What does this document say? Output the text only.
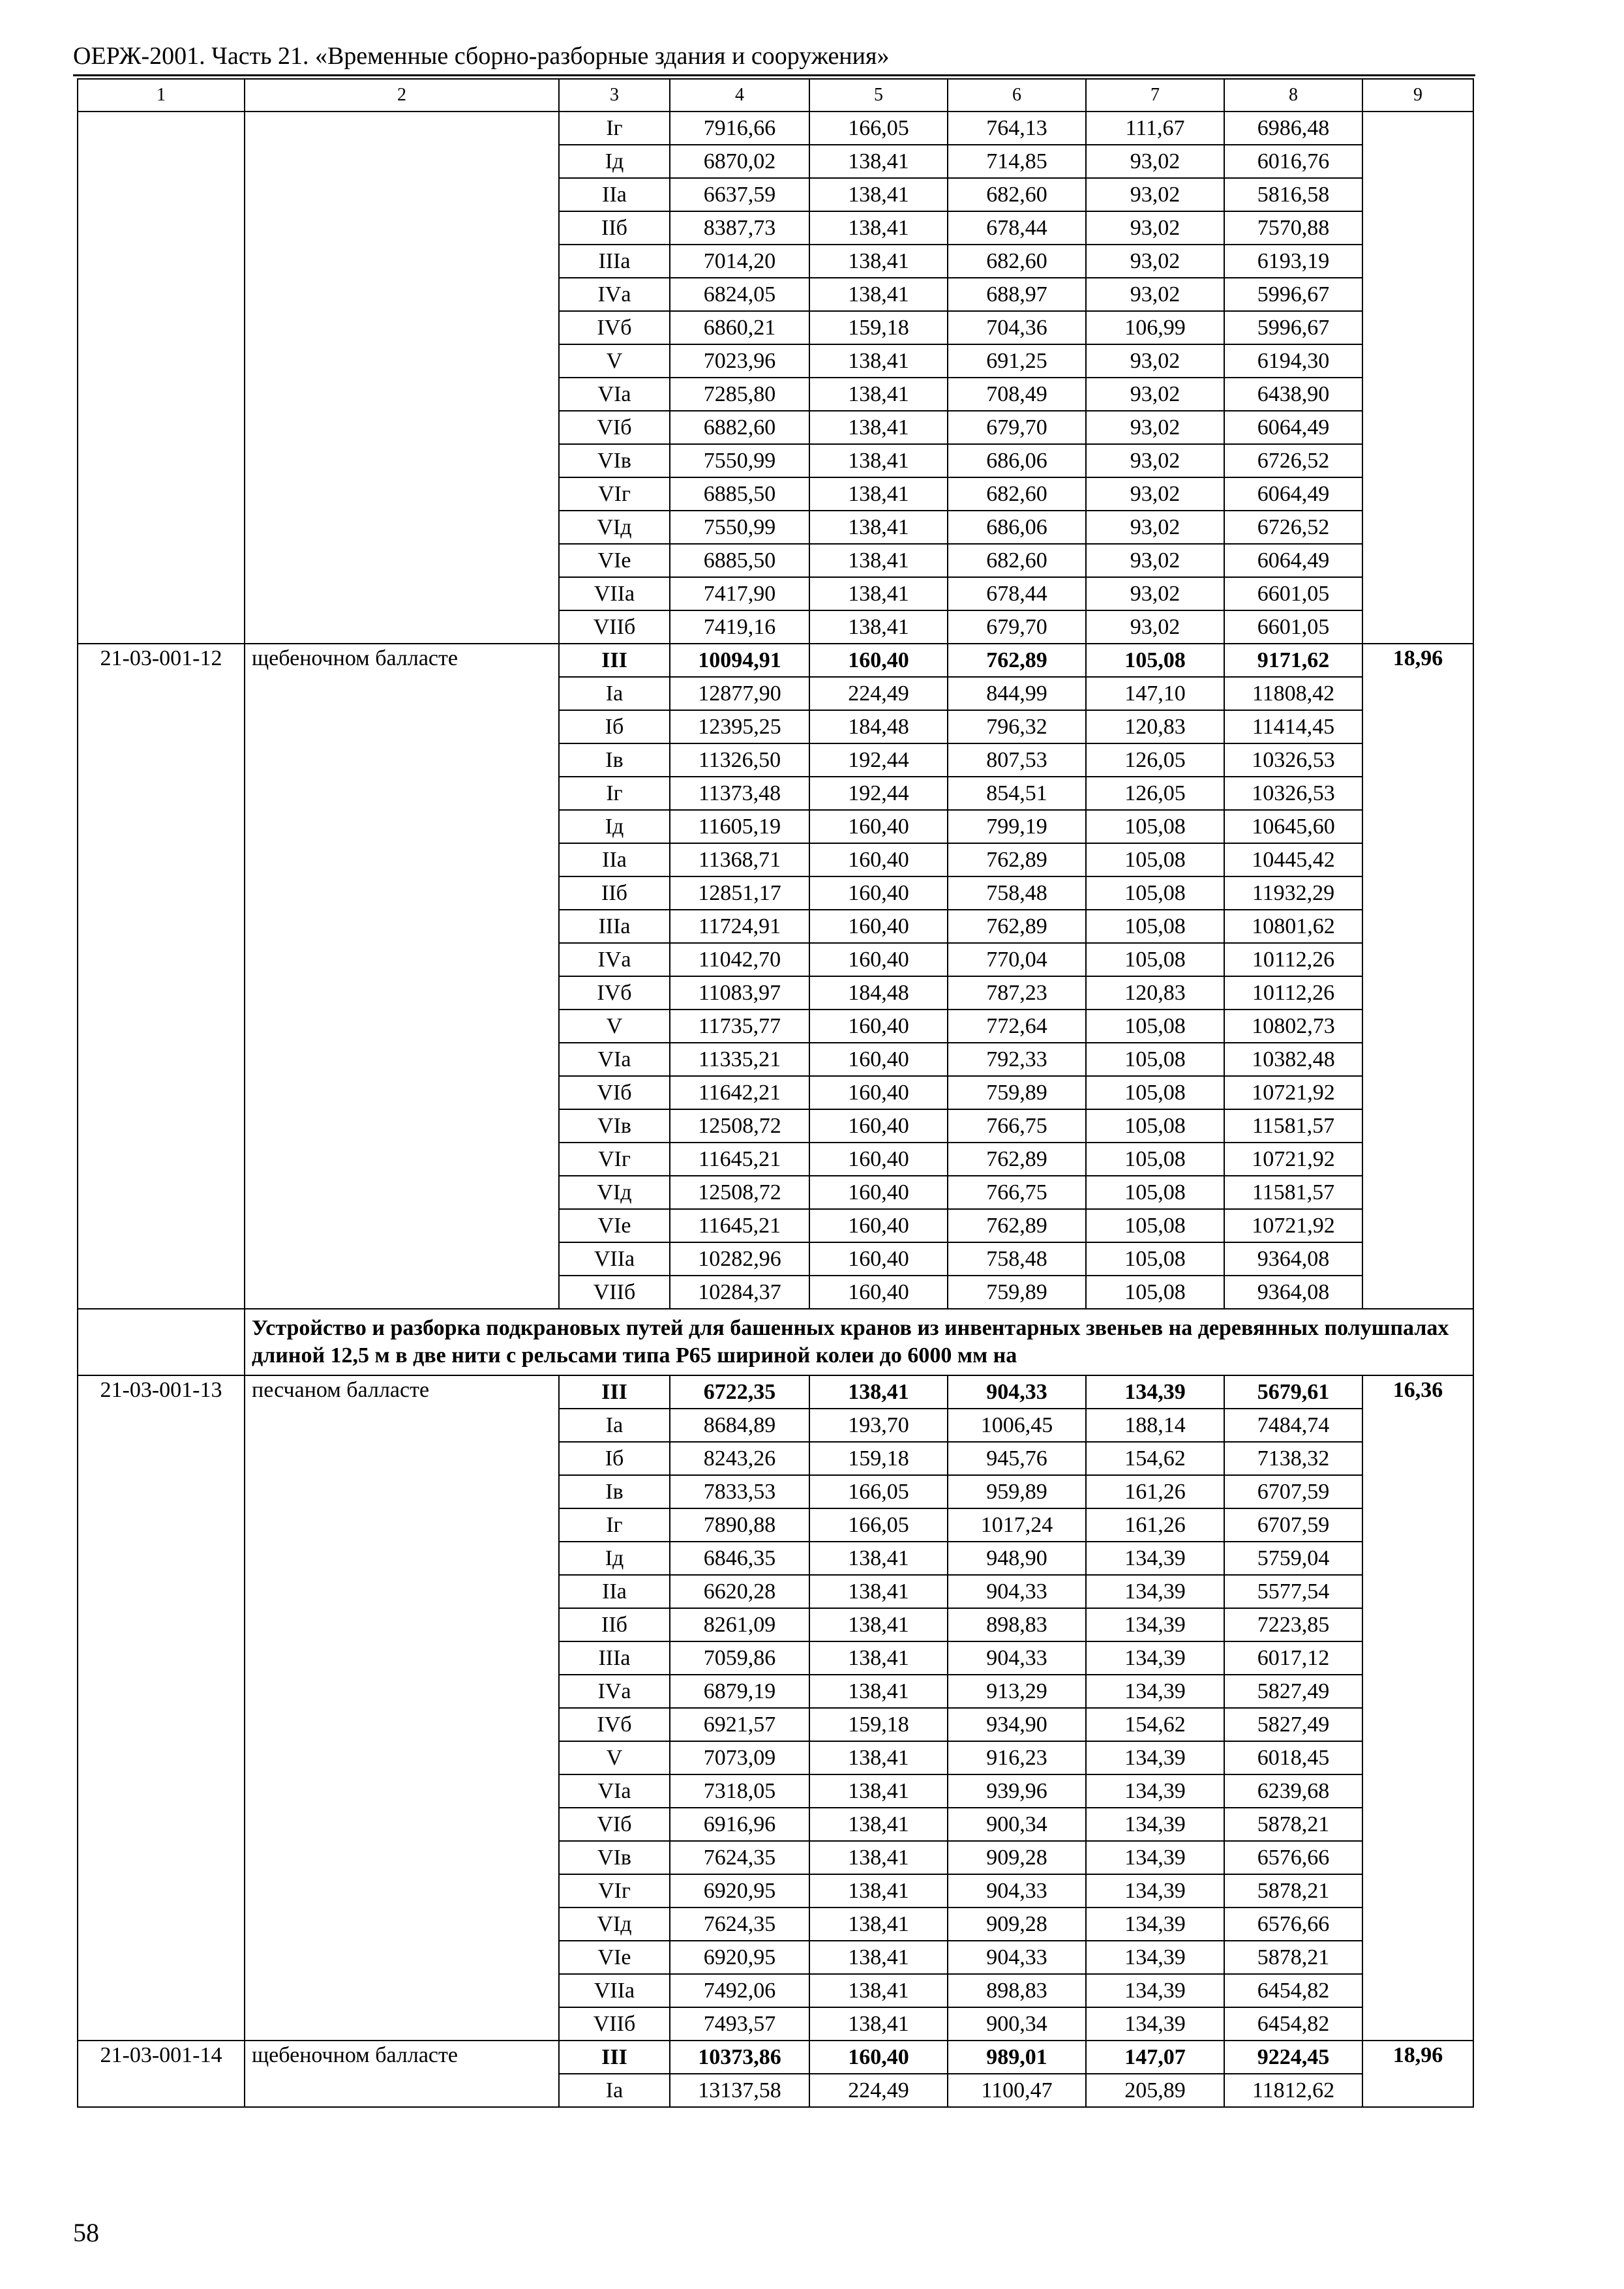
ОЕРЖ-2001. Часть 21. «Временные сборно-разборные здания и сооружения»
1	2	3	4	5	6	7	8	9
		Iг	7916,66	166,05	764,13	111,67	6986,48	
		Iд	6870,02	138,41	714,85	93,02	6016,76	
		IIа	6637,59	138,41	682,60	93,02	5816,58	
		IIб	8387,73	138,41	678,44	93,02	7570,88	
		IIIа	7014,20	138,41	682,60	93,02	6193,19	
		IVа	6824,05	138,41	688,97	93,02	5996,67	
		IVб	6860,21	159,18	704,36	106,99	5996,67	
		V	7023,96	138,41	691,25	93,02	6194,30	
		VIа	7285,80	138,41	708,49	93,02	6438,90	
		VIб	6882,60	138,41	679,70	93,02	6064,49	
		VIв	7550,99	138,41	686,06	93,02	6726,52	
		VIг	6885,50	138,41	682,60	93,02	6064,49	
		VIд	7550,99	138,41	686,06	93,02	6726,52	
		VIе	6885,50	138,41	682,60	93,02	6064,49	
		VIIа	7417,90	138,41	678,44	93,02	6601,05	
		VIIб	7419,16	138,41	679,70	93,02	6601,05	
21-03-001-12	щебеночном балласте	III	10094,91	160,40	762,89	105,08	9171,62	18,96
		Iа	12877,90	224,49	844,99	147,10	11808,42	
		Iб	12395,25	184,48	796,32	120,83	11414,45	
		Iв	11326,50	192,44	807,53	126,05	10326,53	
		Iг	11373,48	192,44	854,51	126,05	10326,53	
		Iд	11605,19	160,40	799,19	105,08	10645,60	
		IIа	11368,71	160,40	762,89	105,08	10445,42	
		IIб	12851,17	160,40	758,48	105,08	11932,29	
		IIIа	11724,91	160,40	762,89	105,08	10801,62	
		IVа	11042,70	160,40	770,04	105,08	10112,26	
		IVб	11083,97	184,48	787,23	120,83	10112,26	
		V	11735,77	160,40	772,64	105,08	10802,73	
		VIа	11335,21	160,40	792,33	105,08	10382,48	
		VIб	11642,21	160,40	759,89	105,08	10721,92	
		VIв	12508,72	160,40	766,75	105,08	11581,57	
		VIг	11645,21	160,40	762,89	105,08	10721,92	
		VIд	12508,72	160,40	766,75	105,08	11581,57	
		VIе	11645,21	160,40	762,89	105,08	10721,92	
		VIIа	10282,96	160,40	758,48	105,08	9364,08	
		VIIб	10284,37	160,40	759,89	105,08	9364,08	
	Устройство и разборка подкрановых путей для башенных кранов из инвентарных звеньев на деревянных полушпалах длиной 12,5 м в две нити с рельсами типа Р65 шириной колеи до 6000 мм на							
21-03-001-13	песчаном балласте	III	6722,35	138,41	904,33	134,39	5679,61	16,36
		Iа	8684,89	193,70	1006,45	188,14	7484,74	
		Iб	8243,26	159,18	945,76	154,62	7138,32	
		Iв	7833,53	166,05	959,89	161,26	6707,59	
		Iг	7890,88	166,05	1017,24	161,26	6707,59	
		Iд	6846,35	138,41	948,90	134,39	5759,04	
		IIа	6620,28	138,41	904,33	134,39	5577,54	
		IIб	8261,09	138,41	898,83	134,39	7223,85	
		IIIа	7059,86	138,41	904,33	134,39	6017,12	
		IVа	6879,19	138,41	913,29	134,39	5827,49	
		IVб	6921,57	159,18	934,90	154,62	5827,49	
		V	7073,09	138,41	916,23	134,39	6018,45	
		VIа	7318,05	138,41	939,96	134,39	6239,68	
		VIб	6916,96	138,41	900,34	134,39	5878,21	
		VIв	7624,35	138,41	909,28	134,39	6576,66	
		VIг	6920,95	138,41	904,33	134,39	5878,21	
		VIд	7624,35	138,41	909,28	134,39	6576,66	
		VIе	6920,95	138,41	904,33	134,39	5878,21	
		VIIа	7492,06	138,41	898,83	134,39	6454,82	
		VIIб	7493,57	138,41	900,34	134,39	6454,82	
21-03-001-14	щебеночном балласте	III	10373,86	160,40	989,01	147,07	9224,45	18,96
		Iа	13137,58	224,49	1100,47	205,89	11812,62	
58
